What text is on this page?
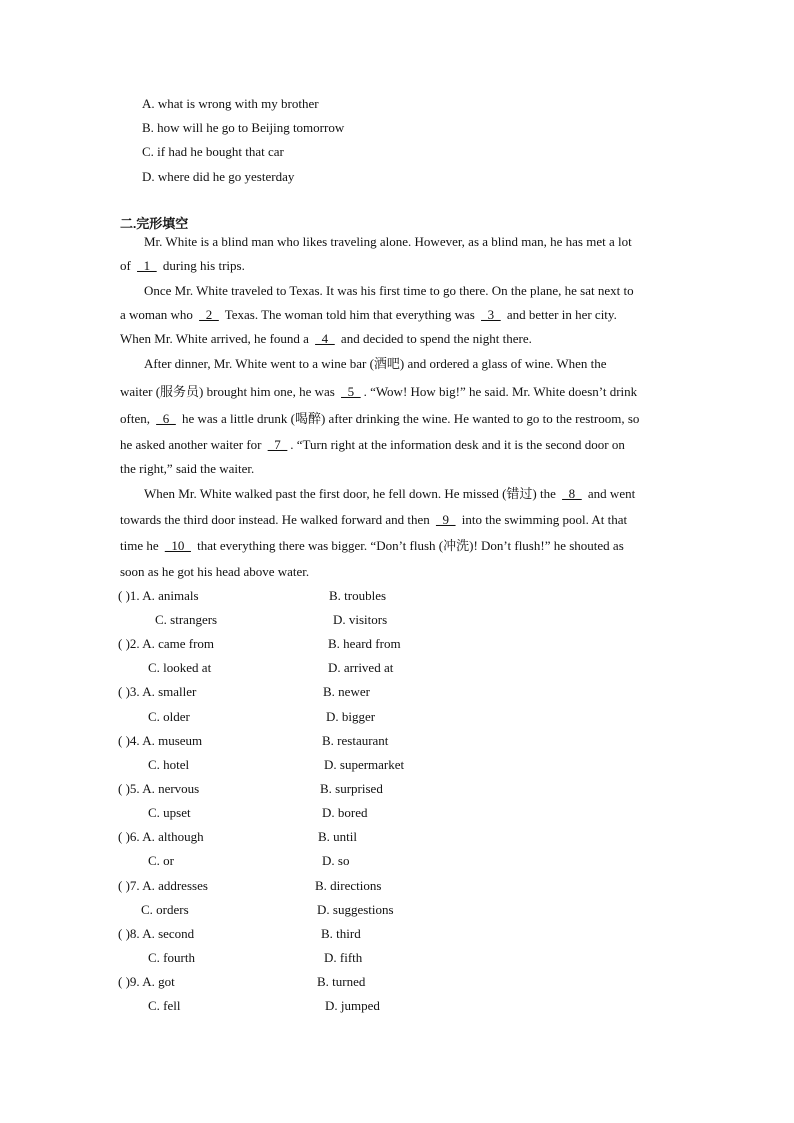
A. what is wrong with my brother
B. how will he go to Beijing tomorrow
C. if had he bought that car
D. where did he go yesterday
二.完形填空
Mr. White is a blind man who likes traveling alone. However, as a blind man, he has met a lot
of _1_ during his trips.
Once Mr. White traveled to Texas. It was his first time to go there. On the plane, he sat next to
a woman who _2_ Texas. The woman told him that everything was _3_ and better in her city.
When Mr. White arrived, he found a _4_ and decided to spend the night there.
After dinner, Mr. White went to a wine bar (酒吧) and ordered a glass of wine. When the
waiter (服务员) brought him one, he was _5_ . “Wow! How big!” he said. Mr. White doesn’t drink
often, _6_ he was a little drunk (喝醉) after drinking the wine. He wanted to go to the restroom, so
he asked another waiter for _7_ . “Turn right at the information desk and it is the second door on
the right,” said the waiter.
When Mr. White walked past the first door, he fell down. He missed (错过) the _8_ and went
towards the third door instead. He walked forward and then _9_ into the swimming pool. At that
time he _10_ that everything there was bigger. “Don’t flush (冲洗)! Don’t flush!” he shouted as
soon as he got his head above water.
( )1. A. animals	B. troubles
C. strangers	D. visitors
( )2. A. came from	B. heard from
C. looked at	D. arrived at
( )3. A. smaller	B. newer
C. older	D. bigger
( )4. A. museum	B. restaurant
C. hotel	D. supermarket
( )5. A. nervous	B. surprised
C. upset	D. bored
( )6. A. although	B. until
C. or	D. so
( )7. A. addresses	B. directions
C. orders	D. suggestions
( )8. A. second	B. third
C. fourth	D. fifth
( )9. A. got	B. turned
C. fell	D. jumped
